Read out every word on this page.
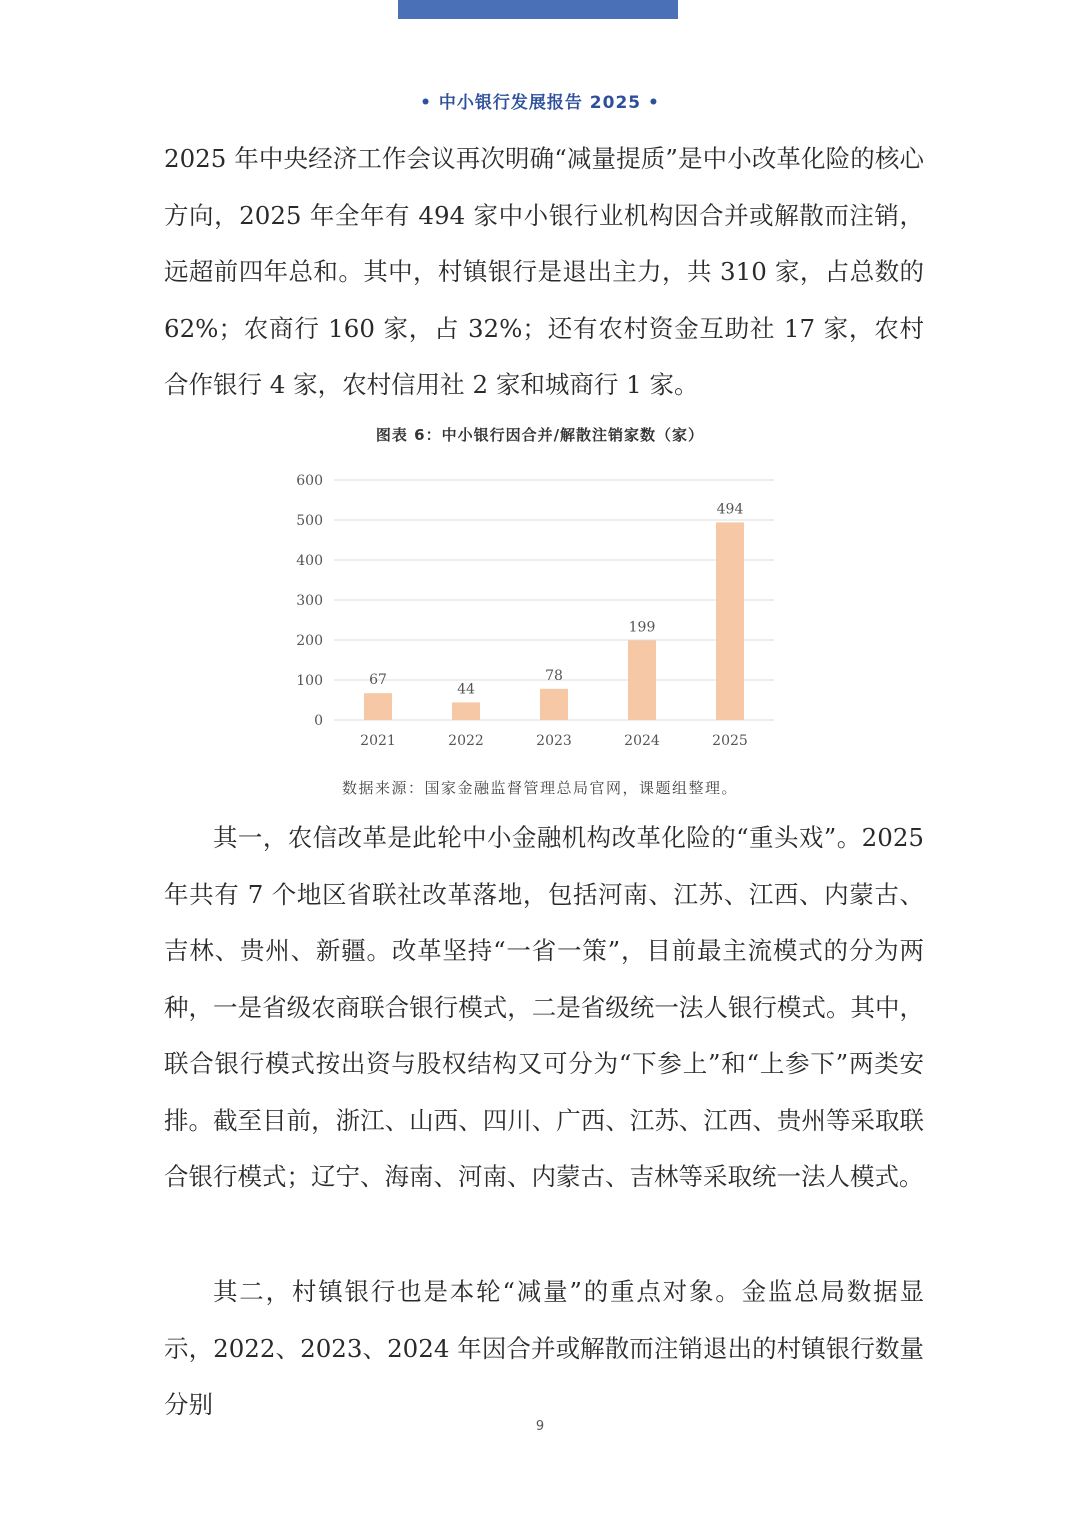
• 中小银行发展报告 2025 •

2025 年中央经济工作会议再次明确“减量提质”是中小改革化险的核心方向，2025 年全年有 494 家中小银行业机构因合并或解散而注销，远超前四年总和。其中，村镇银行是退出主力，共 310 家，占总数的 62%；农商行 160 家，占 32%；还有农村资金互助社 17 家，农村合作银行 4 家，农村信用社 2 家和城商行 1 家。

图表 6：中小银行因合并/解散注销家数（家）
0
100
200
300
400
500
600
67
2021
44
2022
78
2023
199
2024
494
2025
数据来源：国家金融监督管理总局官网，课题组整理。

其一，农信改革是此轮中小金融机构改革化险的“重头戏”。2025 年共有 7 个地区省联社改革落地，包括河南、江苏、江西、内蒙古、吉林、贵州、新疆。改革坚持“一省一策”，目前最主流模式的分为两种，一是省级农商联合银行模式，二是省级统一法人银行模式。其中，联合银行模式按出资与股权结构又可分为“下参上”和“上参下”两类安排。截至目前，浙江、山西、四川、广西、江苏、江西、贵州等采取联合银行模式；辽宁、海南、河南、内蒙古、吉林等采取统一法人模式。

其二，村镇银行也是本轮“减量”的重点对象。金监总局数据显示，2022、2023、2024 年因合并或解散而注销退出的村镇银行数量分别

9
